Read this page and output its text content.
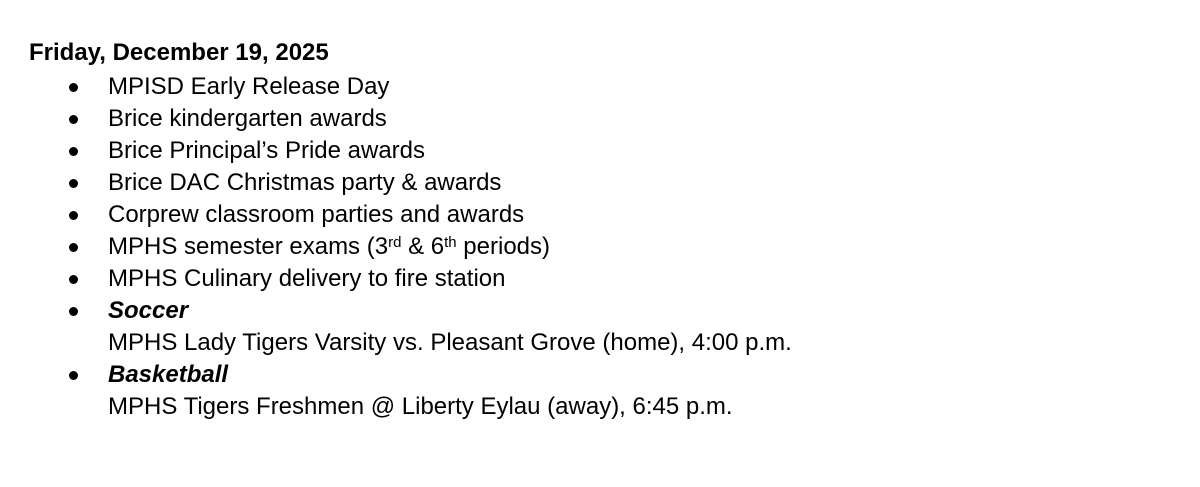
Friday, December 19, 2025
MPISD Early Release Day
Brice kindergarten awards
Brice Principal’s Pride awards
Brice DAC Christmas party & awards
Corprew classroom parties and awards
MPHS semester exams (3rd & 6th periods)
MPHS Culinary delivery to fire station
Soccer
MPHS Lady Tigers Varsity vs. Pleasant Grove (home), 4:00 p.m.
Basketball
MPHS Tigers Freshmen @ Liberty Eylau (away), 6:45 p.m.
